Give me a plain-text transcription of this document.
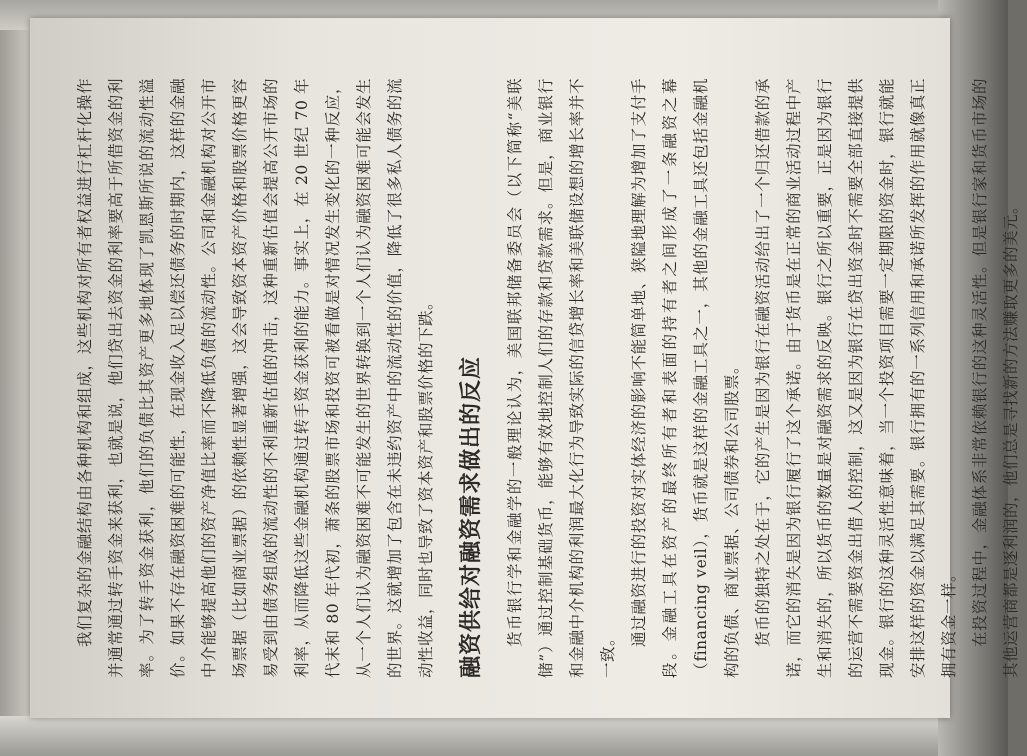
我们复杂的金融结构由各种机构和组成，这些机构对所有者权益进行杠杆化操作并通常通过转手资金来获利，也就是说，他们贷出去资金的利率要高于所借资金的利率。为了转手资金获利，他们的负债比其资产更多地体现了凯恩斯所说的流动性溢价。如果不存在融资困难的可能性，在现金收入足以偿还债务的时期内，这样的金融中介能够提高他们的资产净值比率而不降低负债的流动性。公司和金融机构对公开市场票据（比如商业票据）的依赖性显著增强，这会导致资本资产价格和股票价格更容易受到由债务组成的流动性的不利重新估值的冲击，这种重新估值会提高公开市场的利率，从而降低这些金融机构通过转手资金获利的能力。事实上，在 20 世纪 70 年代末和 80 年代初，萧条的股票市场和投资可被看做是对情况发生变化的一种反应，从一个人们认为融资困难不可能发生的世界转换到一个人们认为融资困难可能会发生的世界。这就增加了包含在未违约资产中的流动性的价值，降低了很多私人债务的流动性收益，同时也导致了资本资产和股票价格的下跌。	融资供给对融资需求做出的反应	货币银行学和金融学的一般理论认为，美国联邦储备委员会（以下简称“美联储”）通过控制基础货币，能够有效地控制人们的存款和贷款需求。但是，商业银行和金融中介机构的利润最大化行为导致实际的信贷增长率和美联储设想的增长率并不一致。

通过融资进行的投资对实体经济的影响不能简单地、狭隘地理解为增加了支付手段。金融工具在资产的最终所有者和表面的持有者之间形成了一条融资之幕（financing veil），货币就是这样的金融工具之一，其他的金融工具还包括金融机构的负债、商业票据、公司债券和公司股票。 货币的独特之处在于，它的产生是因为银行在融资活动给出了一个归还借款的承诺，而它的消失是因为银行履行了这个承诺。由于货币是在正常的商业活动过程中产生和消失的，所以货币的数量是对融资需求的反映。银行之所以重要，正是因为银行的运营不需要资金出借人的控制，这又是因为银行在贷出资金时不需要全部直接提供现金。银行的这种灵活性意味着，当一个投资项目需要一定期限的资金时，银行就能安排这样的资金以满足其需要。银行拥有的一系列信用和承诺所发挥的作用就像真正拥有资金一样。 在投资过程中，金融体系非常依赖银行的这种灵活性。但是银行家和货币市场的其他运营商都是逐利润的，他们总是寻找新的方法赚取更多的美元。
